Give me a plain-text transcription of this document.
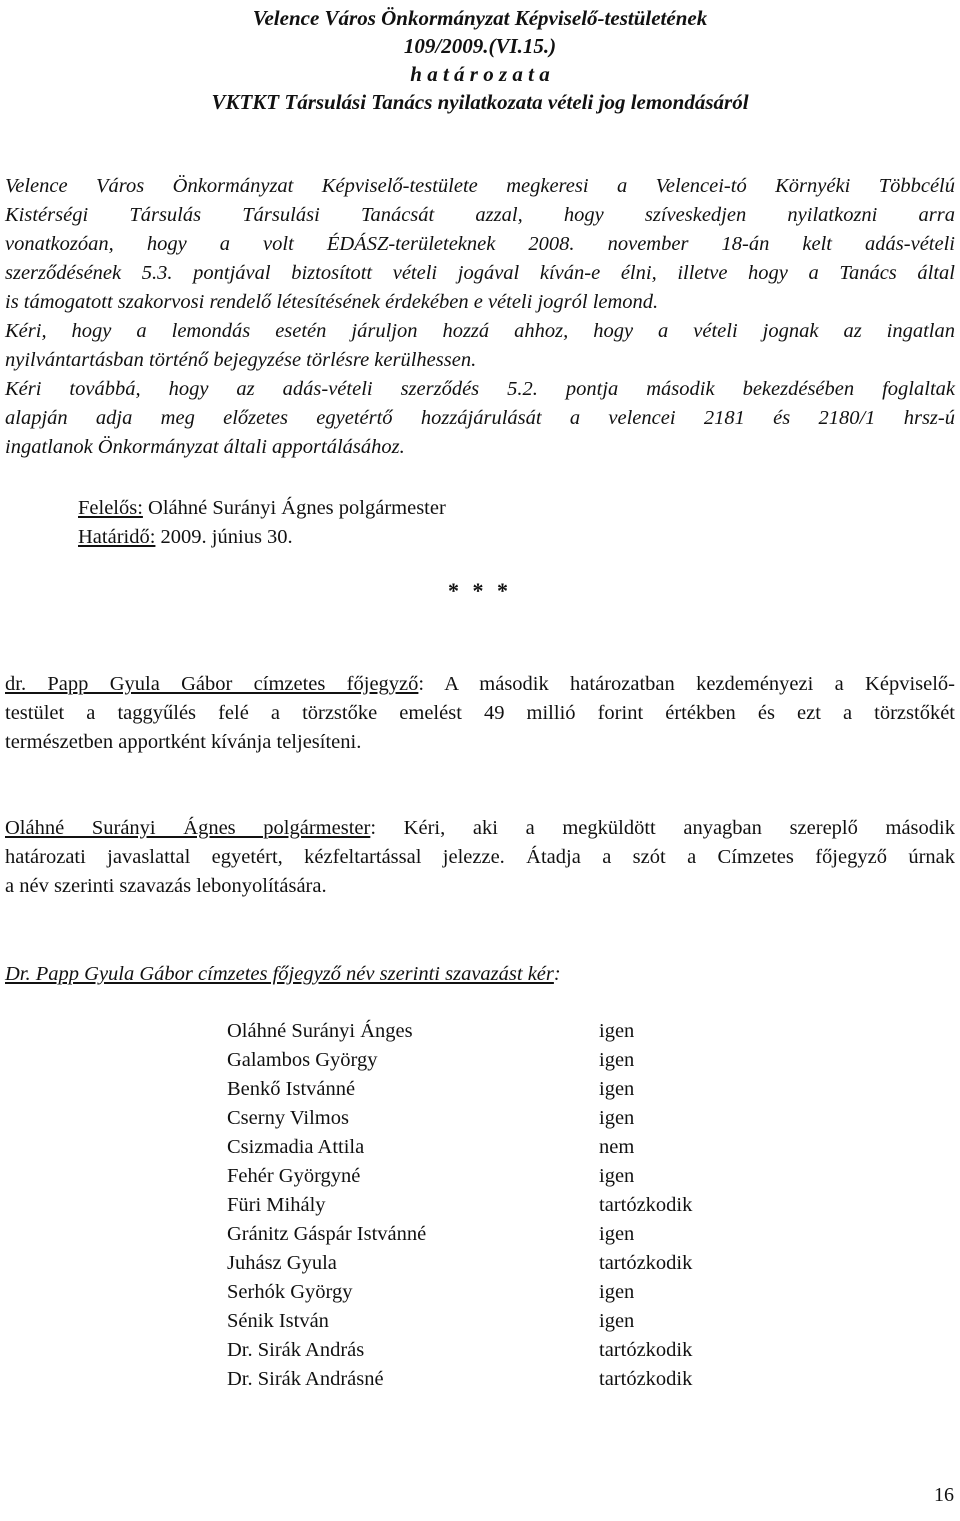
Velence Város Önkormányzat Képviselő-testületének
109/2009.(VI.15.)
h a t á r o z a t a
VKTKT Társulási Tanács nyilatkozata vételi jog lemondásáról
Velence Város Önkormányzat Képviselő-testülete megkeresi a Velencei-tó Környéki Többcélú
Kistérségi Társulás Társulási Tanácsát azzal, hogy szíveskedjen nyilatkozni arra
vonatkozóan, hogy a volt ÉDÁSZ-területeknek 2008. november 18-án kelt adás-vételi
szerződésének 5.3. pontjával biztosított vételi jogával kíván-e élni, illetve hogy a Tanács által
is támogatott szakorvosi rendelő létesítésének érdekében e vételi jogról lemond.
Kéri, hogy a lemondás esetén járuljon hozzá ahhoz, hogy a vételi jognak az ingatlan
nyilvántartásban történő bejegyzése törlésre kerülhessen.
Kéri továbbá, hogy az adás-vételi szerződés 5.2. pontja második bekezdésében foglaltak
alapján adja meg előzetes egyetértő hozzájárulását a velencei 2181 és 2180/1 hrsz-ú
ingatlanok Önkormányzat általi apportálásához.
Felelős: Oláhné Surányi Ágnes polgármester
Határidő: 2009. június 30.
* * *
dr. Papp Gyula Gábor címzetes főjegyző: A második határozatban kezdeményezi a Képviselő-
testület a taggyűlés felé a törzstőke emelést 49 millió forint értékben és ezt a törzstőkét
természetben apportként kívánja teljesíteni.
Oláhné Surányi Ágnes polgármester: Kéri, aki a megküldött anyagban szereplő második
határozati javaslattal egyetért, kézfeltartással jelezze. Átadja a szót a Címzetes főjegyző úrnak
a név szerinti szavazás lebonyolítására.
Dr. Papp Gyula Gábor címzetes főjegyző név szerinti szavazást kér:
Oláhné Surányi Ánges	igen
Galambos György	igen
Benkő Istvánné	igen
Cserny Vilmos	igen
Csizmadia Attila	nem
Fehér Györgyné	igen
Füri Mihály	tartózkodik
Gránitz Gáspár Istvánné	igen
Juhász Gyula	tartózkodik
Serhók György	igen
Sénik István	igen
Dr. Sirák András	tartózkodik
Dr. Sirák Andrásné	tartózkodik
16
